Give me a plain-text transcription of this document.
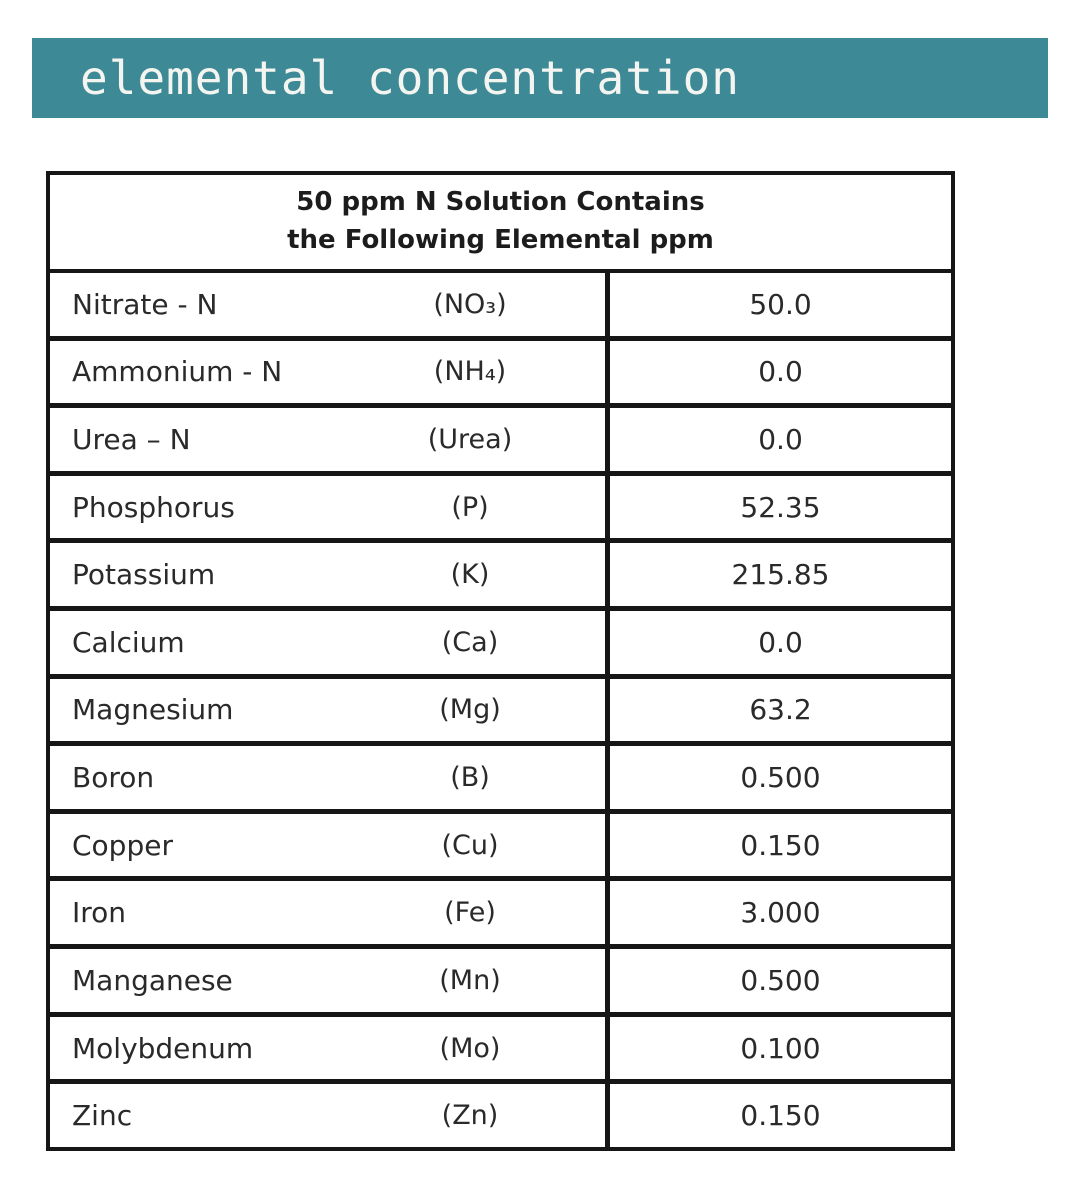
elemental concentration
50 ppm N Solution Contains
the Following Elemental ppm
Nitrate - N	(NO₃)	50.0
Ammonium - N	(NH₄)	0.0
Urea – N	(Urea)	0.0
Phosphorus	(P)	52.35
Potassium	(K)	215.85
Calcium	(Ca)	0.0
Magnesium	(Mg)	63.2
Boron	(B)	0.500
Copper	(Cu)	0.150
Iron	(Fe)	3.000
Manganese	(Mn)	0.500
Molybdenum	(Mo)	0.100
Zinc	(Zn)	0.150
